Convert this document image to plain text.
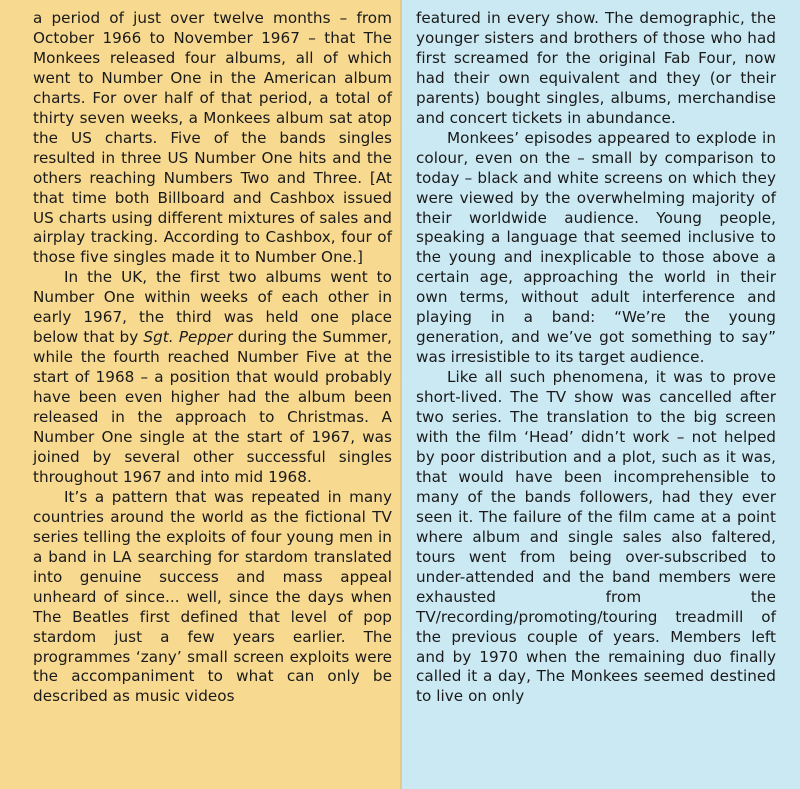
a period of just over twelve months – from October 1966 to November 1967 – that The Monkees released four albums, all of which went to Number One in the American album charts. For over half of that period, a total of thirty seven weeks, a Monkees album sat atop the US charts. Five of the bands singles resulted in three US Number One hits and the others reaching Numbers Two and Three. [At that time both Billboard and Cashbox issued US charts using different mixtures of sales and airplay tracking. According to Cashbox, four of those five singles made it to Number One.]

In the UK, the first two albums went to Number One within weeks of each other in early 1967, the third was held one place below that by Sgt. Pepper during the Summer, while the fourth reached Number Five at the start of 1968 – a position that would probably have been even higher had the album been released in the approach to Christmas. A Number One single at the start of 1967, was joined by several other successful singles throughout 1967 and into mid 1968.

It’s a pattern that was repeated in many countries around the world as the fictional TV series telling the exploits of four young men in a band in LA searching for stardom translated into genuine success and mass appeal unheard of since... well, since the days when The Beatles first defined that level of pop stardom just a few years earlier. The programmes ‘zany’ small screen exploits were the accompaniment to what can only be described as music videos

featured in every show. The demographic, the younger sisters and brothers of those who had first screamed for the original Fab Four, now had their own equivalent and they (or their parents) bought singles, albums, merchandise and concert tickets in abundance.

Monkees’ episodes appeared to explode in colour, even on the – small by comparison to today – black and white screens on which they were viewed by the overwhelming majority of their worldwide audience. Young people, speaking a language that seemed inclusive to the young and inexplicable to those above a certain age, approaching the world in their own terms, without adult interference and playing in a band: “We’re the young generation, and we’ve got something to say” was irresistible to its target audience.

Like all such phenomena, it was to prove short-lived. The TV show was cancelled after two series. The translation to the big screen with the film ‘Head’ didn’t work – not helped by poor distribution and a plot, such as it was, that would have been incomprehensible to many of the bands followers, had they ever seen it. The failure of the film came at a point where album and single sales also faltered, tours went from being over-subscribed to under-attended and the band members were exhausted from the TV/recording/promoting/touring treadmill of the previous couple of years. Members left and by 1970 when the remaining duo finally called it a day, The Monkees seemed destined to live on only
